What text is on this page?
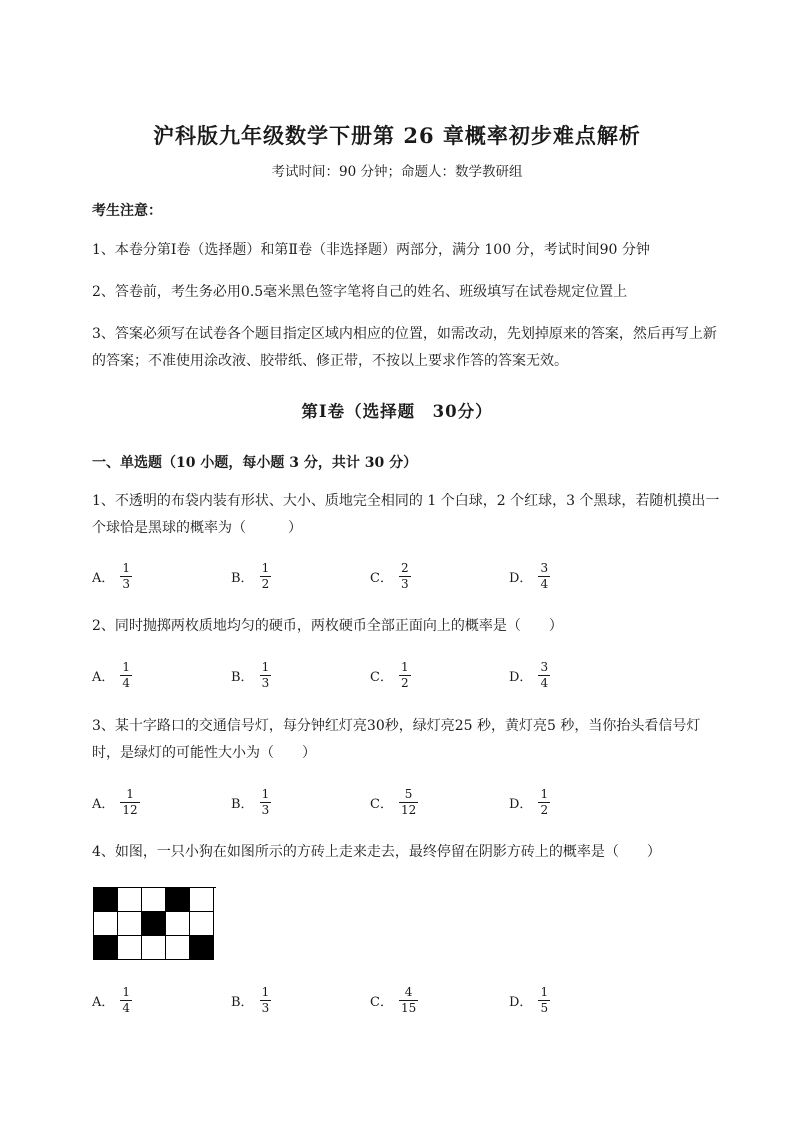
沪科版九年级数学下册第 26 章概率初步难点解析
考试时间：90 分钟；命题人：数学教研组
考生注意：
1、本卷分第Ⅰ卷（选择题）和第Ⅱ卷（非选择题）两部分，满分 100 分，考试时间90 分钟
2、答卷前，考生务必用0.5毫米黑色签字笔将自己的姓名、班级填写在试卷规定位置上
3、答案必须写在试卷各个题目指定区域内相应的位置，如需改动，先划掉原来的答案，然后再写上新
的答案；不准使用涂改液、胶带纸、修正带，不按以上要求作答的答案无效。
第Ⅰ卷（选择题　30分）
一、单选题（10 小题，每小题 3 分，共计 30 分）
1、不透明的布袋内装有形状、大小、质地完全相同的 1 个白球，2 个红球，3 个黑球，若随机摸出一
个球恰是黑球的概率为（　　　）
A． $\frac{1}{3}$	B． $\frac{1}{2}$	C． $\frac{2}{3}$	D． $\frac{3}{4}$
2、同时抛掷两枚质地均匀的硬币，两枚硬币全部正面向上的概率是（　　）
A． $\frac{1}{4}$	B． $\frac{1}{3}$	C． $\frac{1}{2}$	D． $\frac{3}{4}$
3、某十字路口的交通信号灯，每分钟红灯亮30秒，绿灯亮25 秒，黄灯亮5 秒，当你抬头看信号灯
时，是绿灯的可能性大小为（　　）
A． $\frac{1}{12}$	B． $\frac{1}{3}$	C． $\frac{5}{12}$	D． $\frac{1}{2}$
4、如图，一只小狗在如图所示的方砖上走来走去，最终停留在阴影方砖上的概率是（　　）
A． $\frac{1}{4}$	B． $\frac{1}{3}$	C． $\frac{4}{15}$	D． $\frac{1}{5}$
